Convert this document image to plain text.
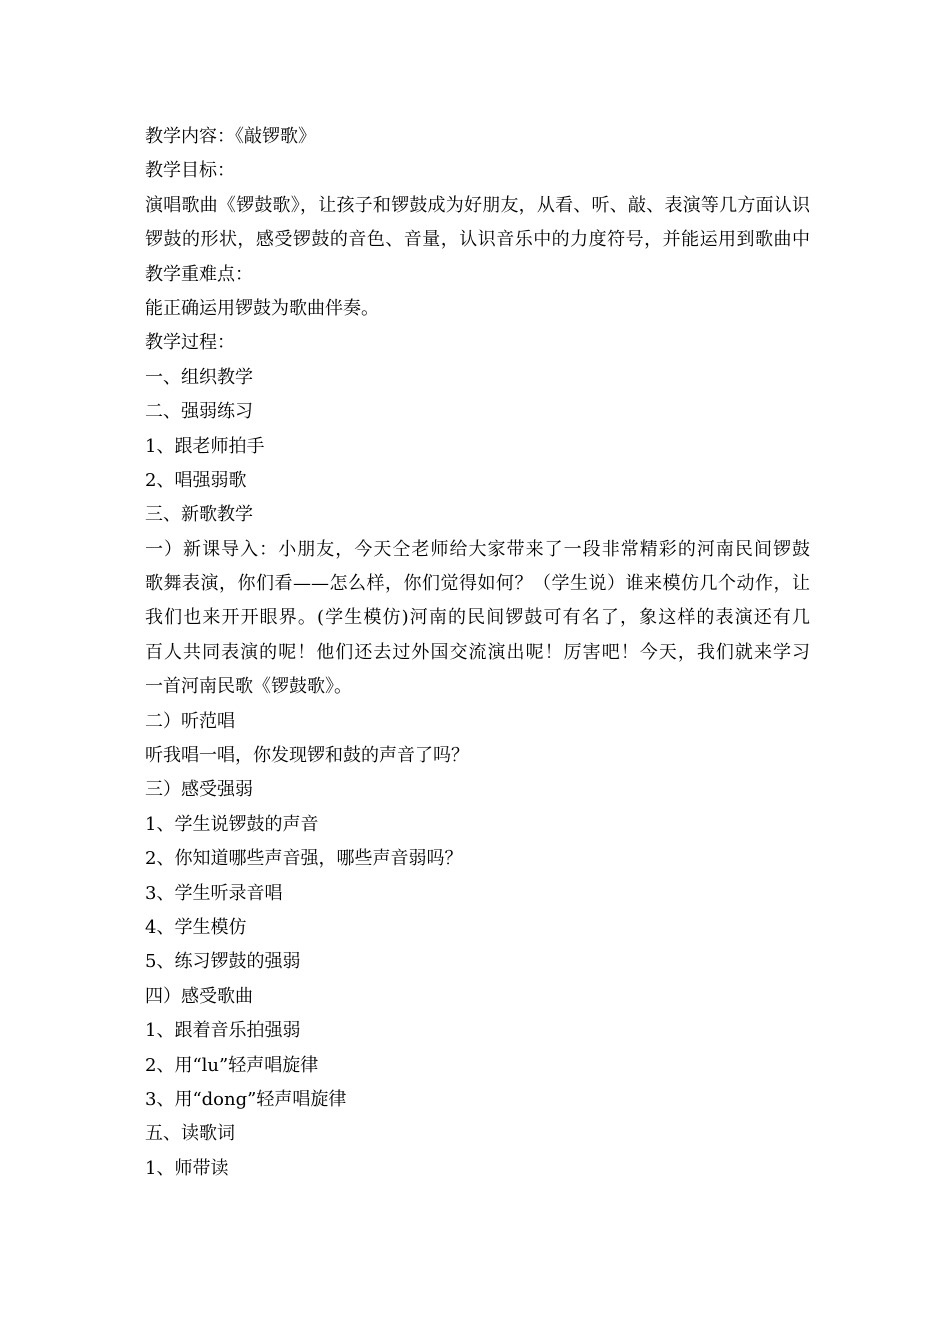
教学内容：《敲锣歌》
教学目标：
演唱歌曲《锣鼓歌》，让孩子和锣鼓成为好朋友，从看、听、敲、表演等几方面认识
锣鼓的形状，感受锣鼓的音色、音量，认识音乐中的力度符号，并能运用到歌曲中
教学重难点：
能正确运用锣鼓为歌曲伴奏。
教学过程：
一、组织教学
二、强弱练习
1、跟老师拍手
2、唱强弱歌
三、新歌教学
一）新课导入：小朋友，今天仝老师给大家带来了一段非常精彩的河南民间锣鼓
歌舞表演，你们看——怎么样，你们觉得如何？（学生说）谁来模仿几个动作，让
我们也来开开眼界。(学生模仿)河南的民间锣鼓可有名了，象这样的表演还有几
百人共同表演的呢！他们还去过外国交流演出呢！厉害吧！今天，我们就来学习
一首河南民歌《锣鼓歌》。
二）听范唱
听我唱一唱，你发现锣和鼓的声音了吗？
三）感受强弱
1、学生说锣鼓的声音
2、你知道哪些声音强，哪些声音弱吗？
3、学生听录音唱
4、学生模仿
5、练习锣鼓的强弱
四）感受歌曲
1、跟着音乐拍强弱
2、用“lu”轻声唱旋律
3、用“dong”轻声唱旋律
五、读歌词
1、师带读
